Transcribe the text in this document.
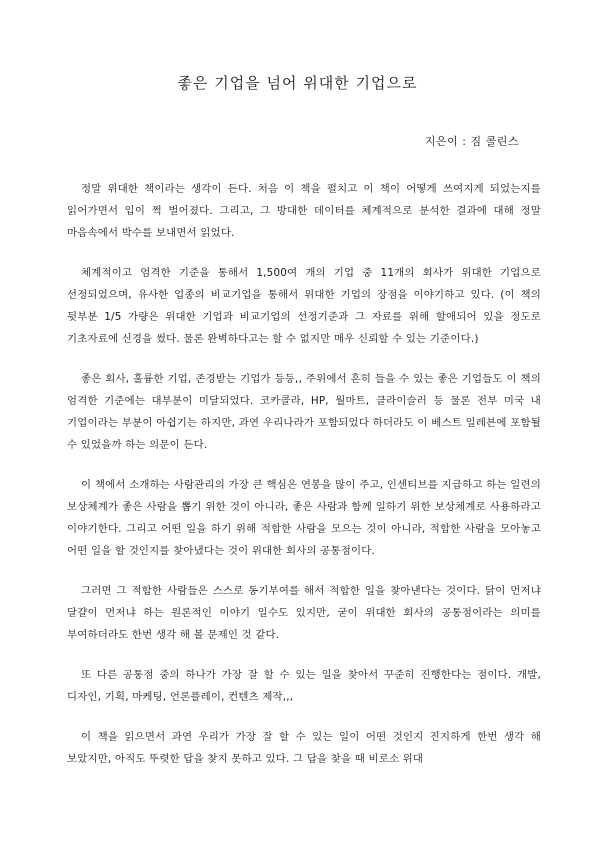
좋은 기업을 넘어 위대한 기업으로

지은이 : 짐 콜린스

정말 위대한 책이라는 생각이 든다. 처음 이 책을 펼치고 이 책이 어떻게 쓰여지게 되었는지를 읽어가면서 입이 쩍 벌어졌다. 그리고, 그 방대한 데이터를 체계적으로 분석한 결과에 대해 정말 마음속에서 박수를 보내면서 읽었다.

체계적이고 엄격한 기준을 통해서 1,500여 개의 기업 중 11개의 회사가 위대한 기업으로 선정되었으며, 유사한 업종의 비교기업을 통해서 위대한 기업의 장점을 이야기하고 있다. (이 책의 뒷부분 1/5 가량은 위대한 기업과 비교기업의 선정기준과 그 자료를 위해 할애되어 있을 정도로 기초자료에 신경을 썼다. 물론 완벽하다고는 할 수 없지만 매우 신뢰할 수 있는 기준이다.)

좋은 회사, 훌륭한 기업, 존경받는 기업가 등등,, 주위에서 흔히 들을 수 있는 좋은 기업들도 이 책의 엄격한 기준에는 대부분이 미달되었다. 코카콜라, HP, 월마트, 클라이슬러 등 물론 전부 미국 내 기업이라는 부분이 아쉽기는 하지만, 과연 우리나라가 포함되었다 하더라도 이 베스트 일레븐에 포함될 수 있었을까 하는 의문이 든다.

이 책에서 소개하는 사람관리의 가장 큰 핵심은 연봉을 많이 주고, 인센티브를 지급하고 하는 일련의 보상체계가 좋은 사람을 뽑기 위한 것이 아니라, 좋은 사람과 함께 일하기 위한 보상체계로 사용하라고 이야기한다. 그리고 어떤 일을 하기 위해 적합한 사람을 모으는 것이 아니라, 적합한 사람을 모아놓고 어떤 일을 할 것인지를 찾아냈다는 것이 위대한 회사의 공통점이다.

그러면 그 적합한 사람들은 스스로 동기부여를 해서 적합한 일을 찾아낸다는 것이다. 닭이 먼저냐 달걀이 먼저냐 하는 원론적인 이야기 일수도 있지만, 굳이 위대한 회사의 공통점이라는 의미를 부여하더라도 한번 생각 해 볼 문제인 것 같다.

또 다른 공통점 중의 하나가 가장 잘 할 수 있는 일을 찾아서 꾸준히 진행한다는 점이다. 개발, 디자인, 기획, 마케팅, 언론플레이, 컨텐츠 제작,,,

이 책을 읽으면서 과연 우리가 가장 잘 할 수 있는 일이 어떤 것인지 진지하게 한번 생각 해 보았지만, 아직도 뚜렷한 답을 찾지 못하고 있다. 그 답을 찾을 때 비로소 위대
